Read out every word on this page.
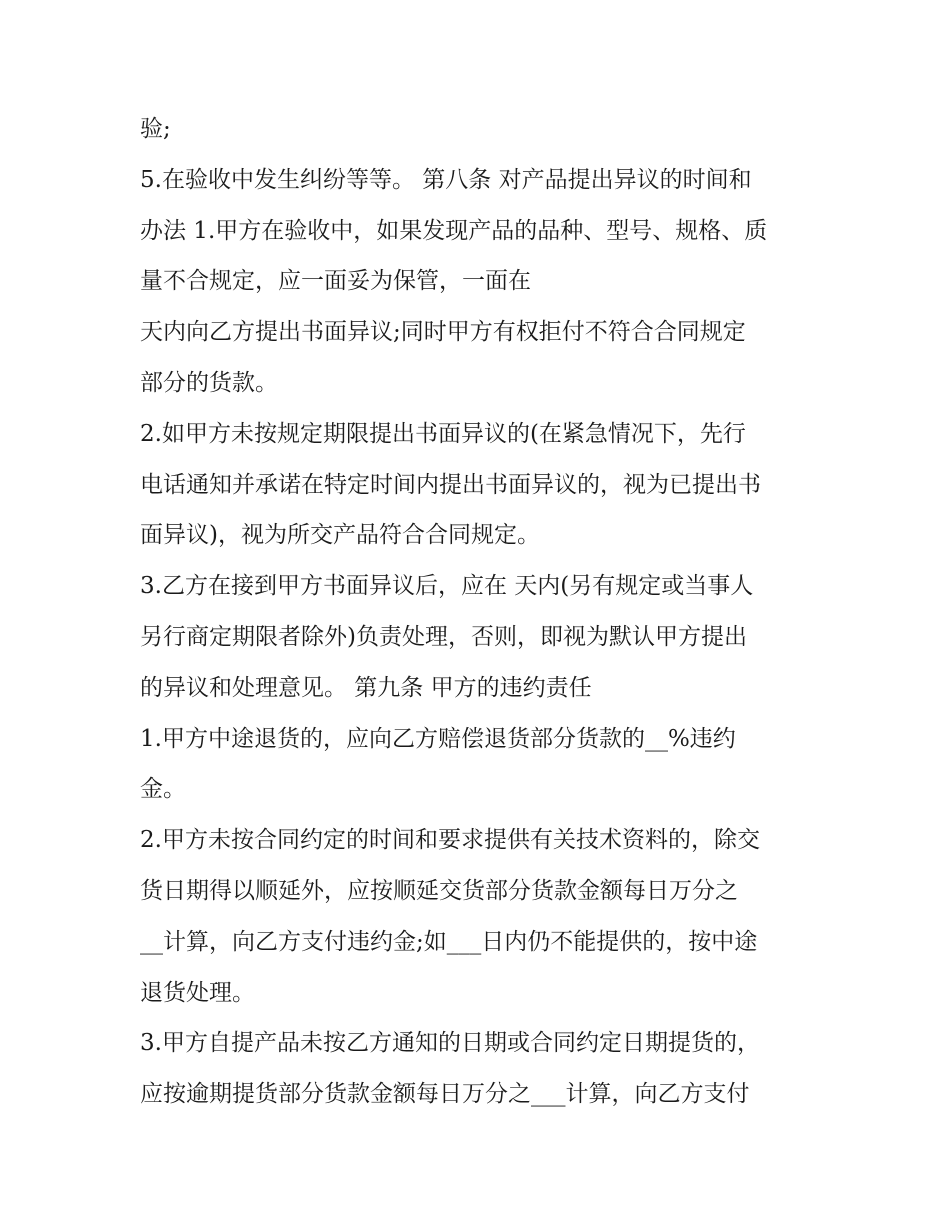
验;
5.在验收中发生纠纷等等。 第八条 对产品提出异议的时间和
办法 1.甲方在验收中，如果发现产品的品种、型号、规格、质
量不合规定，应一面妥为保管，一面在
天内向乙方提出书面异议;同时甲方有权拒付不符合合同规定
部分的货款。
2.如甲方未按规定期限提出书面异议的(在紧急情况下，先行
电话通知并承诺在特定时间内提出书面异议的，视为已提出书
面异议)，视为所交产品符合合同规定。
3.乙方在接到甲方书面异议后，应在 天内(另有规定或当事人
另行商定期限者除外)负责处理，否则，即视为默认甲方提出
的异议和处理意见。 第九条 甲方的违约责任
1.甲方中途退货的，应向乙方赔偿退货部分货款的__%违约
金。
2.甲方未按合同约定的时间和要求提供有关技术资料的，除交
货日期得以顺延外，应按顺延交货部分货款金额每日万分之
__计算，向乙方支付违约金;如___日内仍不能提供的，按中途
退货处理。
3.甲方自提产品未按乙方通知的日期或合同约定日期提货的，
应按逾期提货部分货款金额每日万分之___计算，向乙方支付
